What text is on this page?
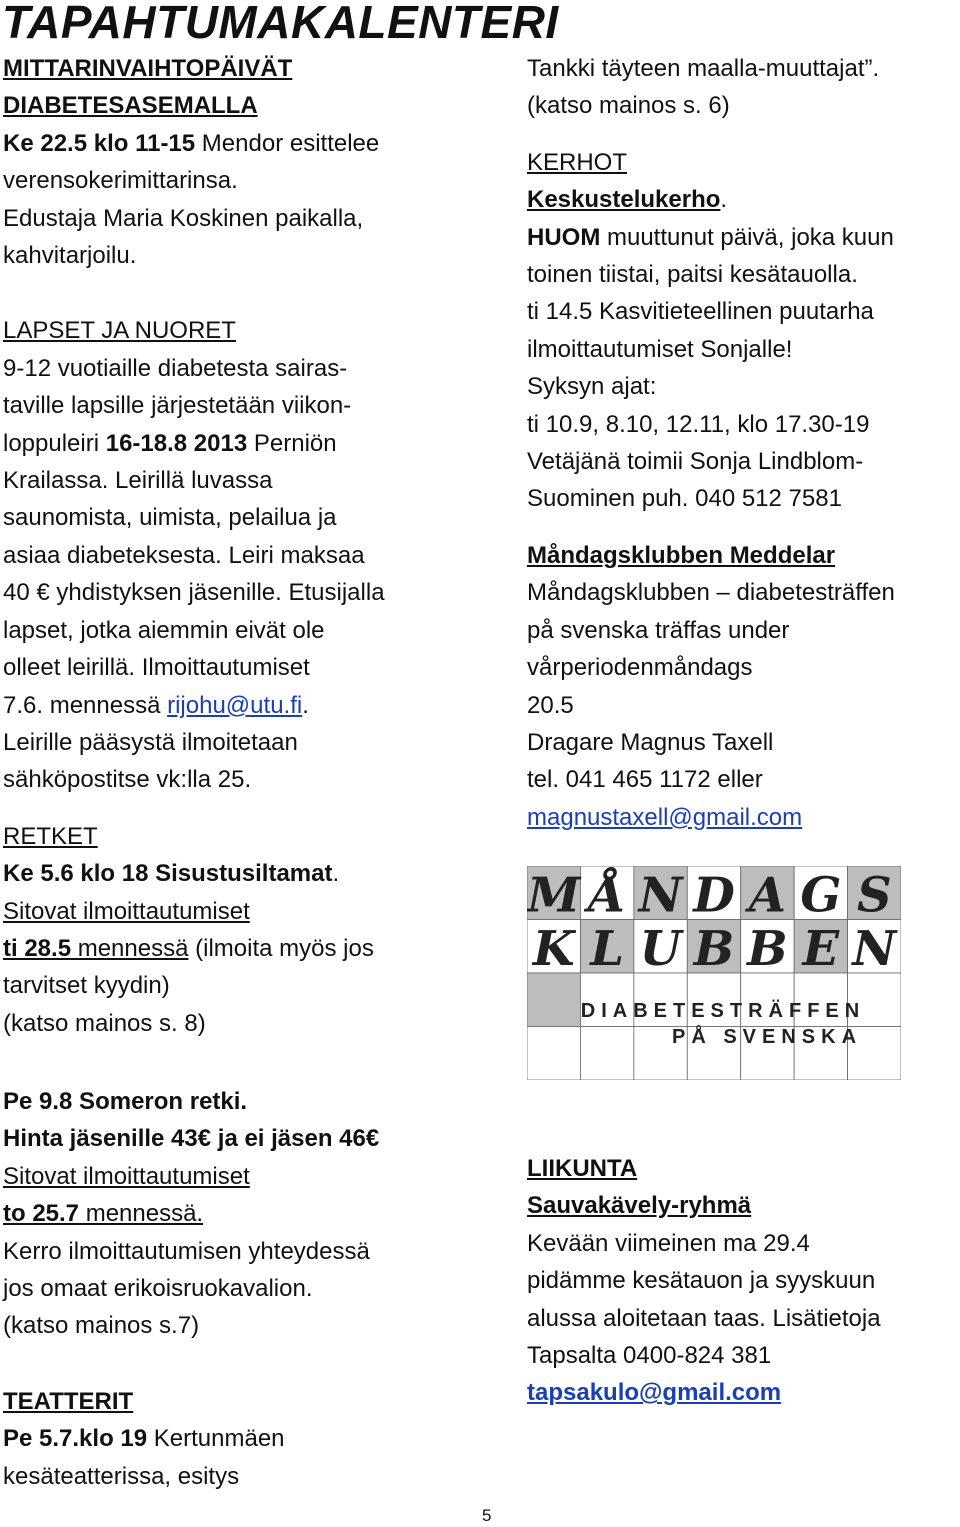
TAPAHTUMAKALENTERI
MITTARINVAIHTOPÄIVÄT
DIABETESASEMALLA
Ke 22.5 klo 11-15 Mendor esittelee
verensokerimittarinsa.
Edustaja Maria Koskinen paikalla,
kahvitarjoilu.
LAPSET JA NUORET
9-12 vuotiaille diabetesta sairas-
taville lapsille järjestetään viikon-
loppuleiri 16-18.8 2013 Perniön
Krailassa. Leirillä luvassa
saunomista, uimista, pelailua ja
asiaa diabeteksesta. Leiri maksaa
40 € yhdistyksen jäsenille. Etusijalla
lapset, jotka aiemmin eivät ole
olleet leirillä. Ilmoittautumiset
7.6. mennessä rijohu@utu.fi.
Leirille pääsystä ilmoitetaan
sähköpostitse vk:lla 25.
RETKET
Ke 5.6 klo 18 Sisustusiltamat.
Sitovat ilmoittautumiset
ti 28.5 mennessä (ilmoita myös jos
tarvitset kyydin)
(katso mainos s. 8)
Pe 9.8 Someron retki.
Hinta jäsenille 43€ ja ei jäsen 46€
Sitovat ilmoittautumiset
to 25.7 mennessä.
Kerro ilmoittautumisen yhteydessä
jos omaat erikoisruokavalion.
(katso mainos s.7)
TEATTERIT
Pe 5.7.klo 19 Kertunmäen
kesäteatterissa, esitys
Tankki täyteen maalla-muuttajat”.
(katso mainos s. 6)
KERHOT
Keskustelukerho.
HUOM muuttunut päivä, joka kuun
toinen tiistai, paitsi kesätauolla.
ti 14.5 Kasvitieteellinen puutarha
ilmoittautumiset Sonjalle!
Syksyn ajat:
ti 10.9, 8.10, 12.11, klo 17.30-19
Vetäjänä toimii Sonja Lindblom-
Suominen puh. 040 512 7581
Måndagsklubben Meddelar
Måndagsklubben – diabetesträffen
på svenska träffas under
vårperiodenmåndags
20.5
Dragare Magnus Taxell
tel. 041 465 1172 eller
magnustaxell@gmail.com
M Å N D A G S
K L U B B E N
DIABETESTRÄFFEN
PÅ SVENSKA
LIIKUNTA
Sauvakävely-ryhmä
Kevään viimeinen ma 29.4
pidämme kesätauon ja syyskuun
alussa aloitetaan taas. Lisätietoja
Tapsalta 0400-824 381
tapsakulo@gmail.com
5
